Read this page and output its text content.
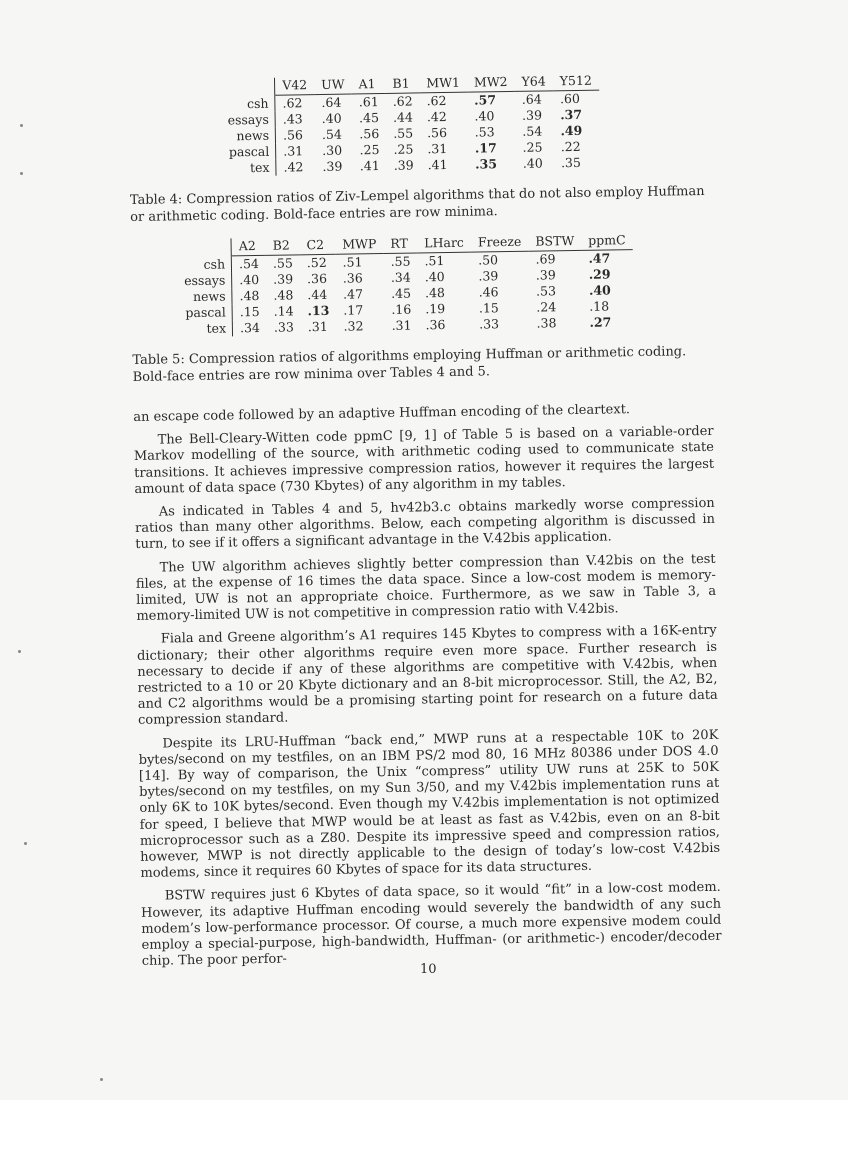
	V42	UW	A1	B1	MW1	MW2	Y64	Y512
csh	.62	.64	.61	.62	.62	.57	.64	.60
essays	.43	.40	.45	.44	.42	.40	.39	.37
news	.56	.54	.56	.55	.56	.53	.54	.49
pascal	.31	.30	.25	.25	.31	.17	.25	.22
tex	.42	.39	.41	.39	.41	.35	.40	.35

Table 4: Compression ratios of Ziv-Lempel algorithms that do not also employ Huffman or arithmetic coding. Bold-face entries are row minima.

	A2	B2	C2	MWP	RT	LHarc	Freeze	BSTW	ppmC
csh	.54	.55	.52	.51	.55	.51	.50	.69	.47
essays	.40	.39	.36	.36	.34	.40	.39	.39	.29
news	.48	.48	.44	.47	.45	.48	.46	.53	.40
pascal	.15	.14	.13	.17	.16	.19	.15	.24	.18
tex	.34	.33	.31	.32	.31	.36	.33	.38	.27

Table 5: Compression ratios of algorithms employing Huffman or arithmetic coding. Bold-face entries are row minima over Tables 4 and 5.

an escape code followed by an adaptive Huffman encoding of the cleartext.

The Bell-Cleary-Witten code ppmC [9, 1] of Table 5 is based on a variable-order Markov modelling of the source, with arithmetic coding used to communicate state transitions. It achieves impressive compression ratios, however it requires the largest amount of data space (730 Kbytes) of any algorithm in my tables.

As indicated in Tables 4 and 5, hv42b3.c obtains markedly worse compression ratios than many other algorithms. Below, each competing algorithm is discussed in turn, to see if it offers a significant advantage in the V.42bis application.

The UW algorithm achieves slightly better compression than V.42bis on the test files, at the expense of 16 times the data space. Since a low-cost modem is memory-limited, UW is not an appropriate choice. Furthermore, as we saw in Table 3, a memory-limited UW is not competitive in compression ratio with V.42bis.

Fiala and Greene algorithm’s A1 requires 145 Kbytes to compress with a 16K-entry dictionary; their other algorithms require even more space. Further research is necessary to decide if any of these algorithms are competitive with V.42bis, when restricted to a 10 or 20 Kbyte dictionary and an 8-bit microprocessor. Still, the A2, B2, and C2 algorithms would be a promising starting point for research on a future data compression standard.

Despite its LRU-Huffman “back end,” MWP runs at a respectable 10K to 20K bytes/second on my testfiles, on an IBM PS/2 mod 80, 16 MHz 80386 under DOS 4.0 [14]. By way of comparison, the Unix “compress” utility UW runs at 25K to 50K bytes/second on my testfiles, on my Sun 3/50, and my V.42bis implementation runs at only 6K to 10K bytes/second. Even though my V.42bis implementation is not optimized for speed, I believe that MWP would be at least as fast as V.42bis, even on an 8-bit microprocessor such as a Z80. Despite its impressive speed and compression ratios, however, MWP is not directly applicable to the design of today’s low-cost V.42bis modems, since it requires 60 Kbytes of space for its data structures.

BSTW requires just 6 Kbytes of data space, so it would “fit” in a low-cost modem. However, its adaptive Huffman encoding would severely the bandwidth of any such modem’s low-performance processor. Of course, a much more expensive modem could employ a special-purpose, high-bandwidth, Huffman- (or arithmetic-) encoder/decoder chip. The poor perfor-

10
